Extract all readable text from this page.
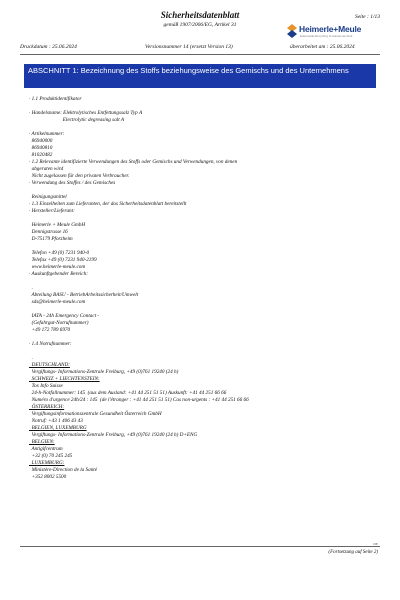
Sicherheitsdatenblatt
gemäß 1907/2006/EG, Artikel 31
Seite : 1/13
Heimerle+Meule
Edelmetall-Recycling & Galvanotechnik
Druckdatum : 25.06.2024	Versionsnummer 14 (ersetzt Version 13)	überarbeitet am : 25.06.2024
ABSCHNITT 1: Bezeichnung des Stoffs beziehungsweise des Gemischs und des Unternehmens
· 1.1 Produktidentifikator
· Handelsname: Elektrolytisches Entfettungssalz Typ A
Electrolytic degreasing salt A
· Artikelnummer:
86940000
86940810
81020482
· 1.2 Relevante identifizierte Verwendungen des Stoffs oder Gemischs und Verwendungen, von denen
abgeraten wird
Nicht zugelassen für den privaten Verbraucher.
· Verwendung des Stoffes / des Gemisches
Reinigungsmittel
· 1.3 Einzelheiten zum Lieferanten, der das Sicherheitsdatenblatt bereitstellt
· Hersteller/Lieferant:
Heimerle + Meule GmbH
Dennigstrasse 16
D-75179 Pforzheim
Telefon +49 (0) 7231 940-0
Telefax +49 (0) 7231 940-2199
www.heimerle-meule.com
· Auskunftgebender Bereich:
.
Abteilung BASU - BetriebArbeitssicherheit/Umwelt
sds@heimerle-meule.com
IATA - 24h Emergency Contact -
(Gefahrgut-Notrufnummer)
+49 172 789 6970
· 1.4 Notrufnummer:
.
DEUTSCHLAND:
Vergiftungs- Informations-Zentrale Freiburg, +49 (0)761 19240 (24 h)
SCHWEIZ + LIECHTENSTEIN:
Tox Info Suisse
24-h-Notfallnummer: 145  (aus dem Ausland: +41 44 251 51 51) Auskunft: +41 44 251 66 66
Numéro d'urgence 24h/24 : 145  (de l'étranger : +41 44 251 51 51) Cas non-urgents : +41 44 251 66 66
ÖSTERREICH:
Vergiftungsinformationszentrale Gesundheit Österreich GmbH
Notruf: +43 1 406 43 43
BELGIEN, LUXEMBURG
Vergiftungs- Informations-Zentrale Freiburg, +49 (0)761 19240 (24 h) D+ENG
BELGIEN:
Antigifcentrum
+32 (0) 70 245 245
LUXEMBURG:
Ministère-Direction de la Santé
+352 8002 5500
DE
(Fortsetzung auf Seite 2)
